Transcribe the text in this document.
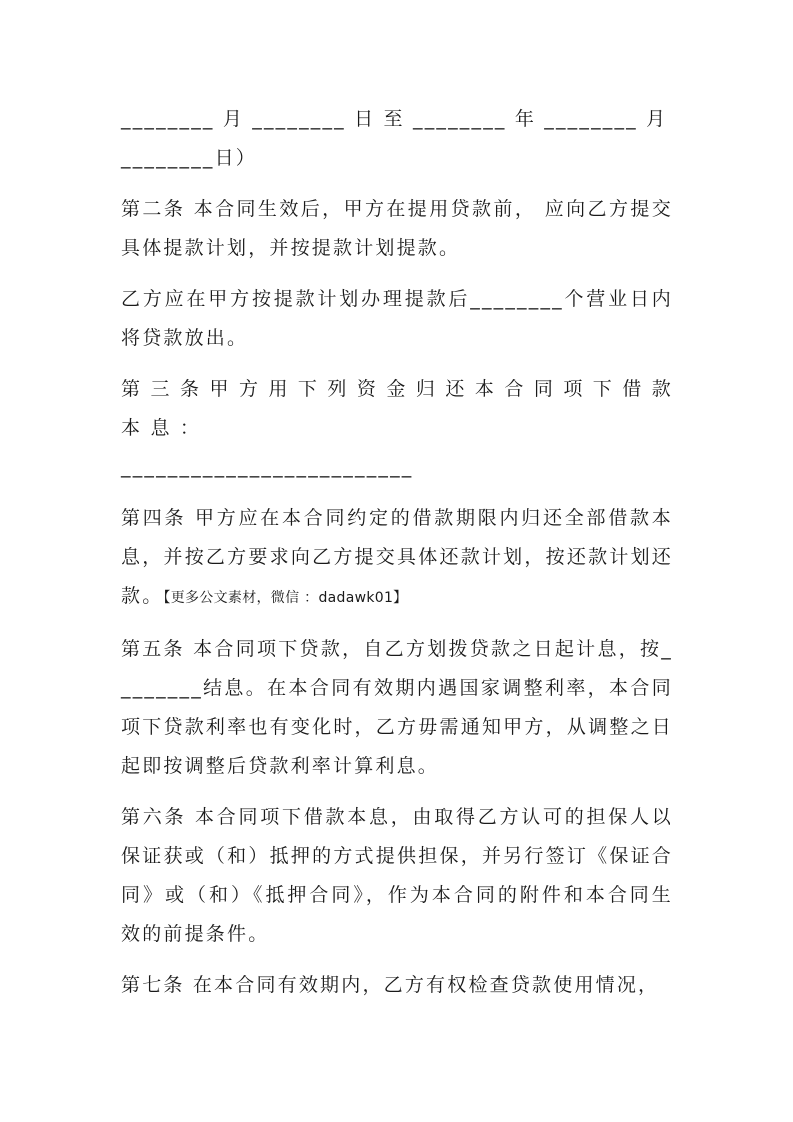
________ 月 ________ 日 至 ________ 年 ________ 月
________日）

第二条 本合同生效后，甲方在提用贷款前， 应向乙方提交具体提款计划，并按提款计划提款。

乙方应在甲方按提款计划办理提款后________个营业日内将贷款放出。

第 三 条 甲 方 用 下 列 资 金 归 还 本 合 同 项 下 借 款 本 息 ：
_________________________

第四条 甲方应在本合同约定的借款期限内归还全部借款本息，并按乙方要求向乙方提交具体还款计划，按还款计划还款。【更多公文素材，微信 ：dadawk01】

第五条 本合同项下贷款，自乙方划拨贷款之日起计息，按________结息。在本合同有效期内遇国家调整利率，本合同项下贷款利率也有变化时，乙方毋需通知甲方，从调整之日起即按调整后贷款利率计算利息。

第六条 本合同项下借款本息，由取得乙方认可的担保人以保证获或（和）抵押的方式提供担保，并另行签订《保证合同》或（和）《抵押合同》，作为本合同的附件和本合同生效的前提条件。

第七条 在本合同有效期内，乙方有权检查贷款使用情况，
